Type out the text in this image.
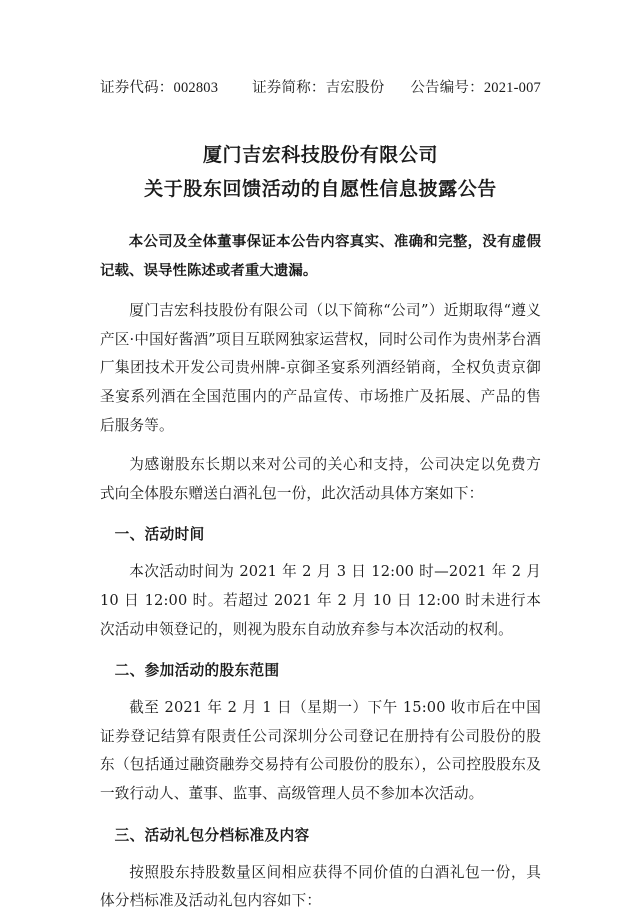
证券代码：002803 证券简称：吉宏股份 公告编号：2021-007
厦门吉宏科技股份有限公司
关于股东回馈活动的自愿性信息披露公告

本公司及全体董事保证本公告内容真实、准确和完整，没有虚假记载、误导性陈述或者重大遗漏。

厦门吉宏科技股份有限公司（以下简称“公司”）近期取得“遵义产区·中国好酱酒”项目互联网独家运营权，同时公司作为贵州茅台酒厂集团技术开发公司贵州牌-京御圣宴系列酒经销商，全权负责京御圣宴系列酒在全国范围内的产品宣传、市场推广及拓展、产品的售后服务等。

为感谢股东长期以来对公司的关心和支持，公司决定以免费方式向全体股东赠送白酒礼包一份，此次活动具体方案如下：

一、活动时间

本次活动时间为 2021 年 2 月 3 日 12:00 时—2021 年 2 月 10 日 12:00 时。若超过 2021 年 2 月 10 日 12:00 时未进行本次活动申领登记的，则视为股东自动放弃参与本次活动的权利。

二、参加活动的股东范围

截至 2021 年 2 月 1 日（星期一）下午 15:00 收市后在中国证券登记结算有限责任公司深圳分公司登记在册持有公司股份的股东（包括通过融资融券交易持有公司股份的股东），公司控股股东及一致行动人、董事、监事、高级管理人员不参加本次活动。

三、活动礼包分档标准及内容

按照股东持股数量区间相应获得不同价值的白酒礼包一份，具体分档标准及活动礼包内容如下：
